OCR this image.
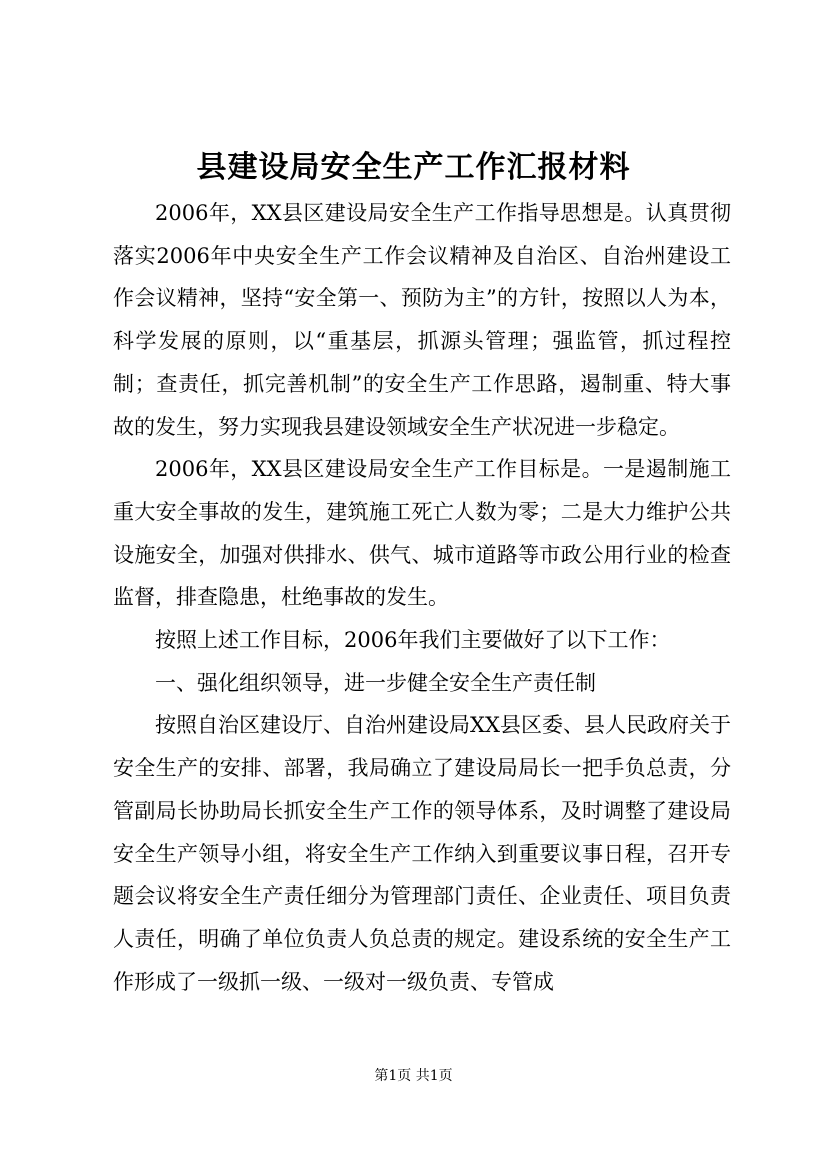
县建设局安全生产工作汇报材料

2006年，XX县区建设局安全生产工作指导思想是。认真贯彻落实2006年中央安全生产工作会议精神及自治区、自治州建设工作会议精神，坚持“安全第一、预防为主”的方针，按照以人为本，科学发展的原则，以“重基层，抓源头管理；强监管，抓过程控制；查责任，抓完善机制”的安全生产工作思路，遏制重、特大事故的发生，努力实现我县建设领域安全生产状况进一步稳定。

2006年，XX县区建设局安全生产工作目标是。一是遏制施工重大安全事故的发生，建筑施工死亡人数为零；二是大力维护公共设施安全，加强对供排水、供气、城市道路等市政公用行业的检查监督，排查隐患，杜绝事故的发生。

按照上述工作目标，2006年我们主要做好了以下工作：

一、强化组织领导，进一步健全安全生产责任制

按照自治区建设厅、自治州建设局XX县区委、县人民政府关于安全生产的安排、部署，我局确立了建设局局长一把手负总责，分管副局长协助局长抓安全生产工作的领导体系，及时调整了建设局安全生产领导小组，将安全生产工作纳入到重要议事日程，召开专题会议将安全生产责任细分为管理部门责任、企业责任、项目负责人责任，明确了单位负责人负总责的规定。建设系统的安全生产工作形成了一级抓一级、一级对一级负责、专管成

第1页 共1页
